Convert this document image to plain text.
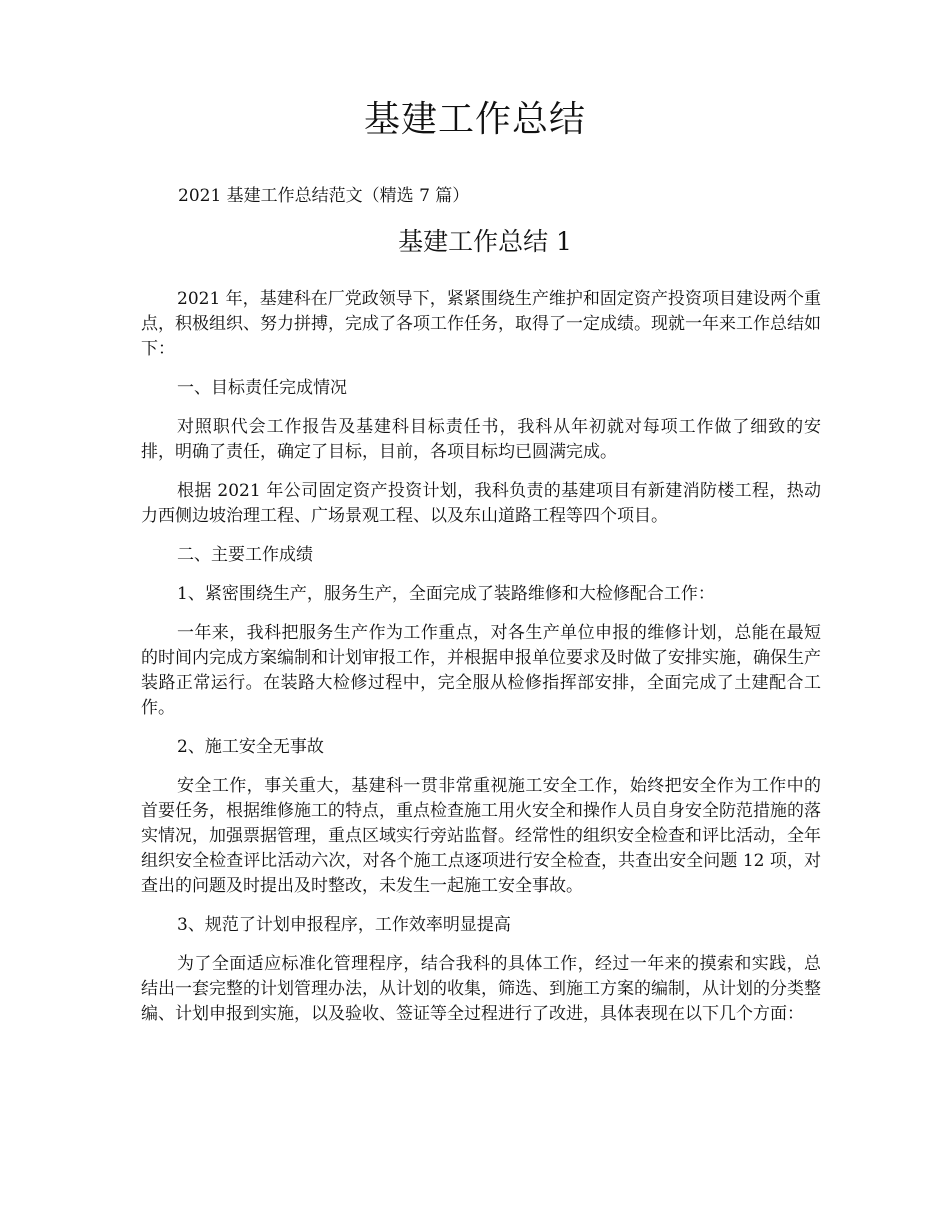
基建工作总结

2021 基建工作总结范文（精选 7 篇）

基建工作总结 1

2021 年，基建科在厂党政领导下，紧紧围绕生产维护和固定资产投资项目建设两个重点，积极组织、努力拼搏，完成了各项工作任务，取得了一定成绩。现就一年来工作总结如下：

一、目标责任完成情况

对照职代会工作报告及基建科目标责任书，我科从年初就对每项工作做了细致的安排，明确了责任，确定了目标，目前，各项目标均已圆满完成。

根据 2021 年公司固定资产投资计划，我科负责的基建项目有新建消防楼工程，热动力西侧边坡治理工程、广场景观工程、以及东山道路工程等四个项目。

二、主要工作成绩

1、紧密围绕生产，服务生产，全面完成了装路维修和大检修配合工作：

一年来，我科把服务生产作为工作重点，对各生产单位申报的维修计划，总能在最短的时间内完成方案编制和计划审报工作，并根据申报单位要求及时做了安排实施，确保生产装路正常运行。在装路大检修过程中，完全服从检修指挥部安排，全面完成了土建配合工作。

2、施工安全无事故

安全工作，事关重大，基建科一贯非常重视施工安全工作，始终把安全作为工作中的首要任务，根据维修施工的特点，重点检查施工用火安全和操作人员自身安全防范措施的落实情况，加强票据管理，重点区域实行旁站监督。经常性的组织安全检查和评比活动，全年组织安全检查评比活动六次，对各个施工点逐项进行安全检查，共查出安全问题 12 项，对查出的问题及时提出及时整改，未发生一起施工安全事故。

3、规范了计划申报程序，工作效率明显提高

为了全面适应标准化管理程序，结合我科的具体工作，经过一年来的摸索和实践，总结出一套完整的计划管理办法，从计划的收集，筛选、到施工方案的编制，从计划的分类整编、计划申报到实施，以及验收、签证等全过程进行了改进，具体表现在以下几个方面：
